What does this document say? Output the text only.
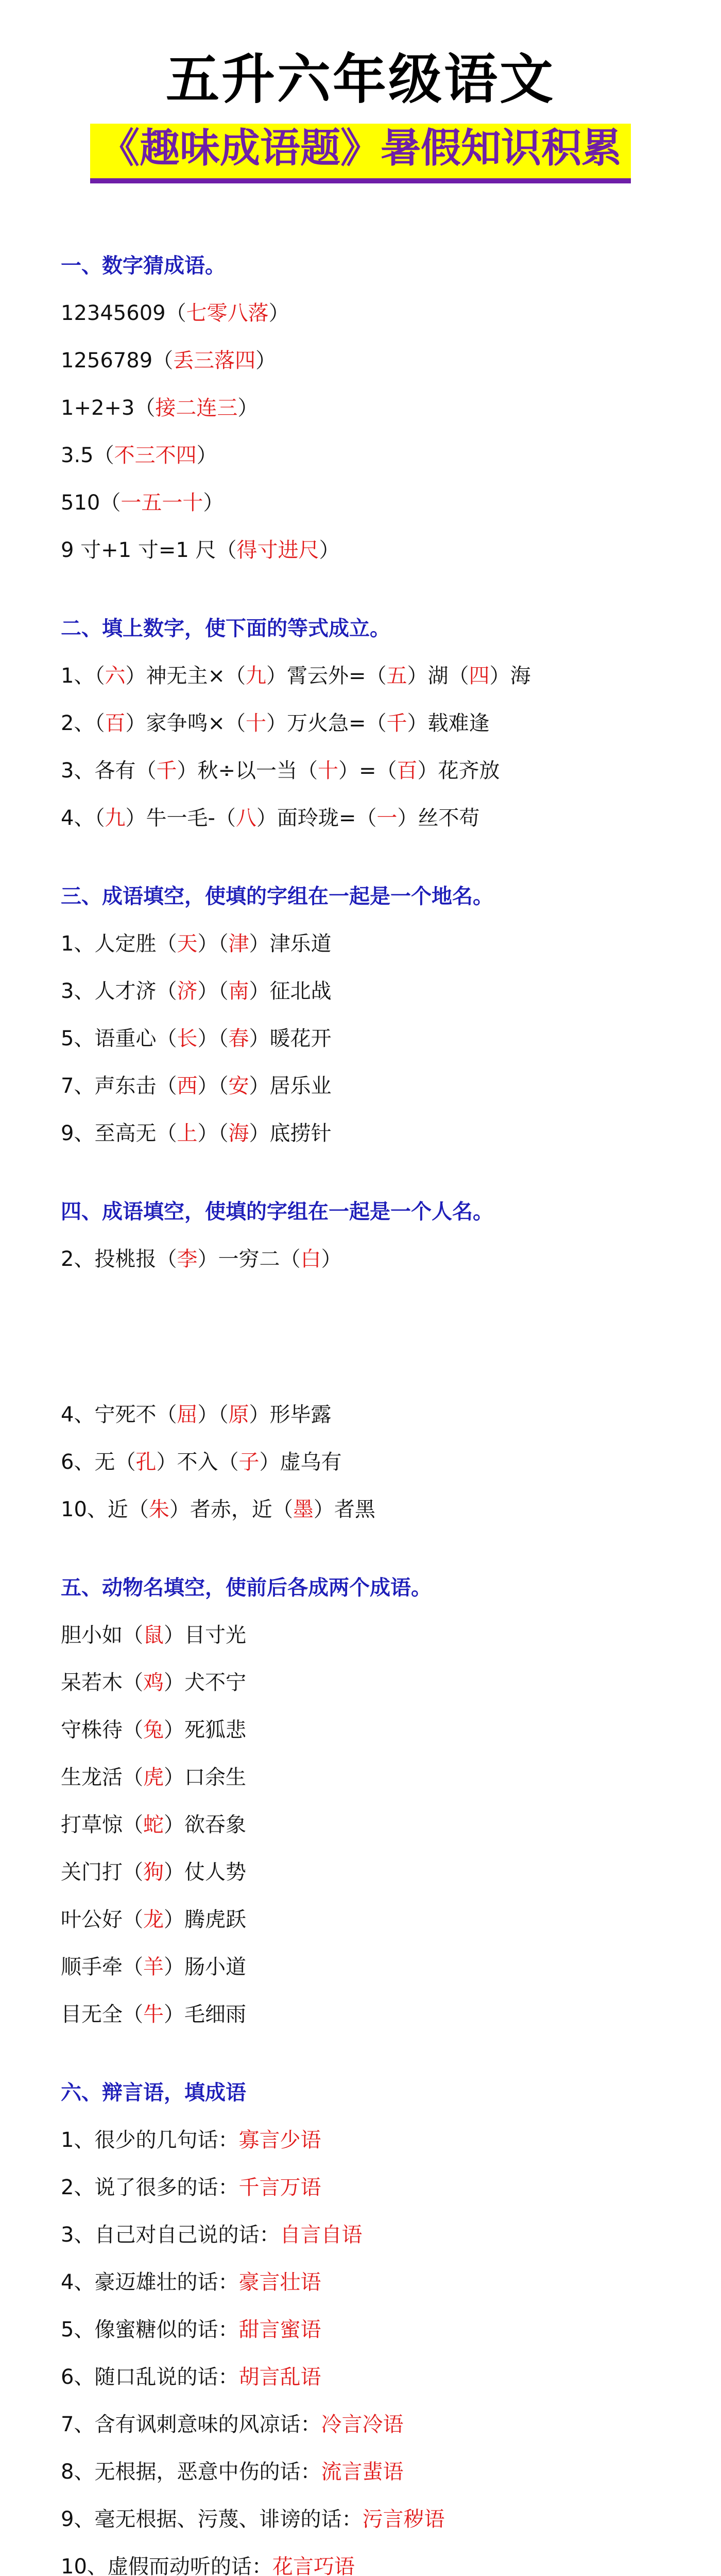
五升六年级语文
《趣味成语题》暑假知识积累
一、数字猜成语。
12345609（七零八落）
1256789（丢三落四）
1+2+3（接二连三）
3.5（不三不四）
510（一五一十）
9 寸+1 寸=1 尺（得寸进尺）
二、填上数字，使下面的等式成立。
1、（六）神无主×（九）霄云外=（五）湖（四）海
2、（百）家争鸣×（十）万火急=（千）载难逢
3、各有（千）秋÷以一当（十）=（百）花齐放
4、（九）牛一毛-（八）面玲珑=（一）丝不苟
三、成语填空，使填的字组在一起是一个地名。
1、人定胜（天）（津）津乐道
3、人才济（济）（南）征北战
5、语重心（长）（春）暖花开
7、声东击（西）（安）居乐业
9、至高无（上）（海）底捞针
四、成语填空，使填的字组在一起是一个人名。
2、投桃报（李）一穷二（白）
4、宁死不（屈）（原）形毕露
6、无（孔）不入（子）虚乌有
10、近（朱）者赤，近（墨）者黑
五、动物名填空，使前后各成两个成语。
胆小如（鼠）目寸光
呆若木（鸡）犬不宁
守株待（兔）死狐悲
生龙活（虎）口余生
打草惊（蛇）欲吞象
关门打（狗）仗人势
叶公好（龙）腾虎跃
顺手牵（羊）肠小道
目无全（牛）毛细雨
六、辩言语，填成语
1、很少的几句话：寡言少语
2、说了很多的话：千言万语
3、自己对自己说的话：自言自语
4、豪迈雄壮的话：豪言壮语
5、像蜜糖似的话：甜言蜜语
6、随口乱说的话：胡言乱语
7、含有讽刺意味的风凉话：冷言冷语
8、无根据，恶意中伤的话：流言蜚语
9、毫无根据、污蔑、诽谤的话：污言秽语
10、虚假而动听的话：花言巧语
